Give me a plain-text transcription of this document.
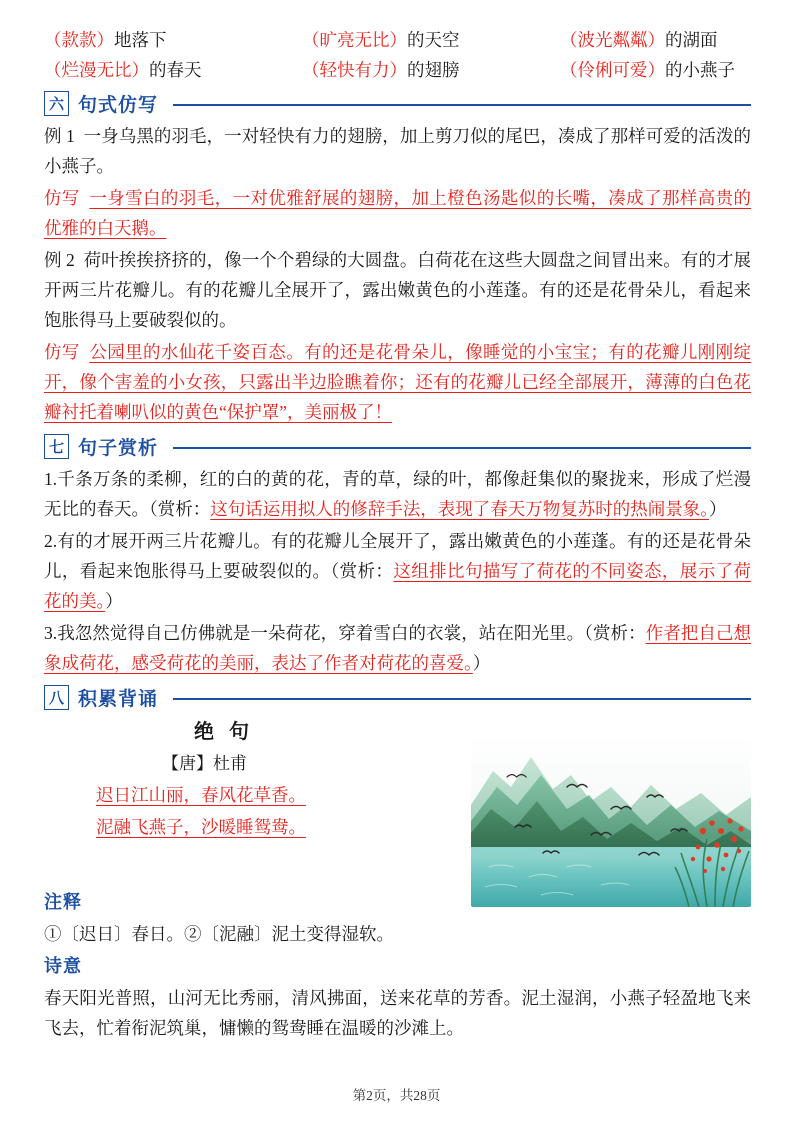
（款款）地落下	（旷亮无比）的天空	（波光粼粼）的湖面
（烂漫无比）的春天	（轻快有力）的翅膀	（伶俐可爱）的小燕子
六 句式仿写
例 1 一身乌黑的羽毛，一对轻快有力的翅膀，加上剪刀似的尾巴，凑成了那样可爱的活泼的小燕子。
仿写 一身雪白的羽毛，一对优雅舒展的翅膀，加上橙色汤匙似的长嘴，凑成了那样高贵的优雅的白天鹅。
例 2 荷叶挨挨挤挤的，像一个个碧绿的大圆盘。白荷花在这些大圆盘之间冒出来。有的才展开两三片花瓣儿。有的花瓣儿全展开了，露出嫩黄色的小莲蓬。有的还是花骨朵儿，看起来饱胀得马上要破裂似的。
仿写 公园里的水仙花千姿百态。有的还是花骨朵儿，像睡觉的小宝宝；有的花瓣儿刚刚绽开，像个害羞的小女孩，只露出半边脸瞧着你；还有的花瓣儿已经全部展开，薄薄的白色花瓣衬托着喇叭似的黄色“保护罩”，美丽极了！
七 句子赏析
1.千条万条的柔柳，红的白的黄的花，青的草，绿的叶，都像赶集似的聚拢来，形成了烂漫无比的春天。（赏析：这句话运用拟人的修辞手法，表现了春天万物复苏时的热闹景象。）
2.有的才展开两三片花瓣儿。有的花瓣儿全展开了，露出嫩黄色的小莲蓬。有的还是花骨朵儿，看起来饱胀得马上要破裂似的。（赏析：这组排比句描写了荷花的不同姿态，展示了荷花的美。）
3.我忽然觉得自己仿佛就是一朵荷花，穿着雪白的衣裳，站在阳光里。（赏析：作者把自己想象成荷花，感受荷花的美丽，表达了作者对荷花的喜爱。）
八 积累背诵
绝 句
【唐】杜甫
迟日江山丽，春风花草香。
泥融飞燕子，沙暖睡鸳鸯。
注释
①〔迟日〕春日。②〔泥融〕泥土变得湿软。
诗意
春天阳光普照，山河无比秀丽，清风拂面，送来花草的芳香。泥土湿润，小燕子轻盈地飞来飞去，忙着衔泥筑巢，慵懒的鸳鸯睡在温暖的沙滩上。
第2页，共28页
